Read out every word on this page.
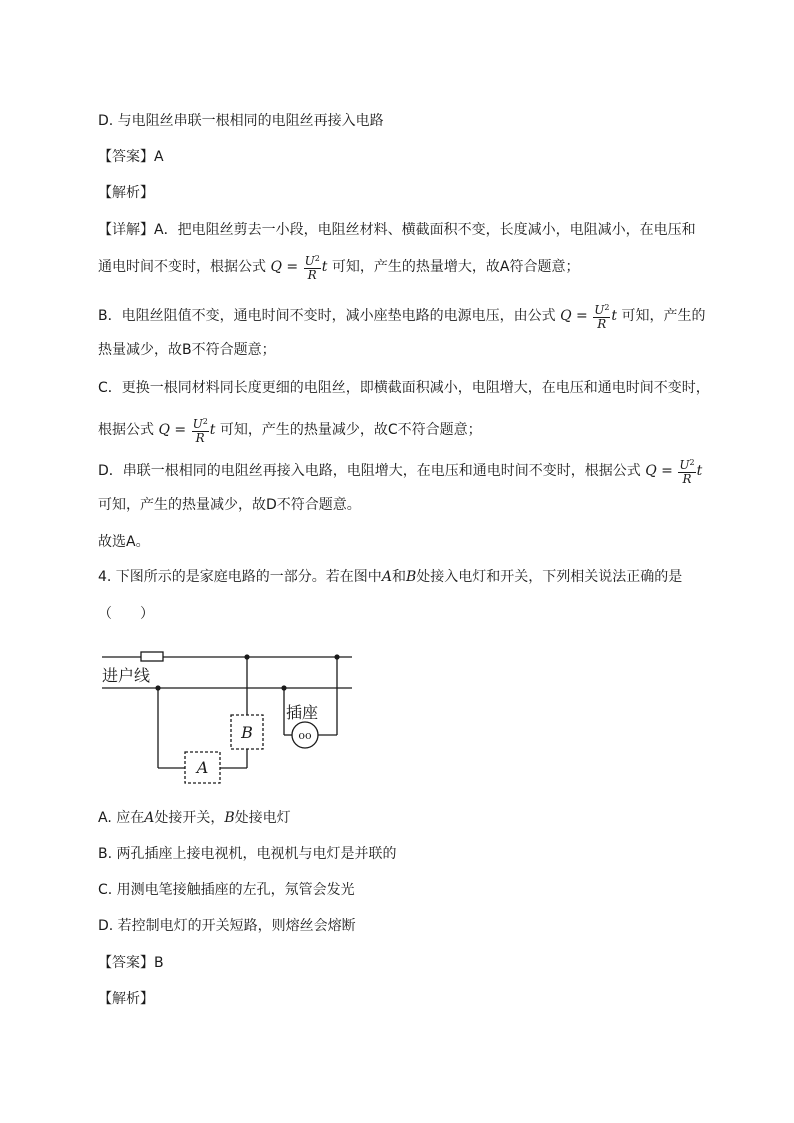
D. 与电阻丝串联一根相同的电阻丝再接入电路
【答案】A
【解析】
【详解】A．把电阻丝剪去一小段，电阻丝材料、横截面积不变，长度减小，电阻减小，在电压和
通电时间不变时，根据公式 $Q = \frac{U^2}{R}$ t 可知，产生的热量增大，故A符合题意；
B．电阻丝阻值不变，通电时间不变时，减小座垫电路的电源电压，由公式 $Q = \frac{U^2}{R}$ t 可知，产生的
热量减少，故B不符合题意；
C．更换一根同材料同长度更细的电阻丝，即横截面积减小，电阻增大，在电压和通电时间不变时，
根据公式 $Q = \frac{U^2}{R}$ t 可知，产生的热量减少，故C不符合题意；
D．串联一根相同的电阻丝再接入电路，电阻增大，在电压和通电时间不变时，根据公式 $Q = \frac{U^2}{R}$ t
可知，产生的热量减少，故D不符合题意。
故选A。
4. 下图所示的是家庭电路的一部分。若在图中A和B处接入电灯和开关，下列相关说法正确的是
（　　）
进户线
插座
oo
A
B
A. 应在A处接开关，B处接电灯
B. 两孔插座上接电视机，电视机与电灯是并联的
C. 用测电笔接触插座的左孔，氖管会发光
D. 若控制电灯的开关短路，则熔丝会熔断
【答案】B
【解析】
